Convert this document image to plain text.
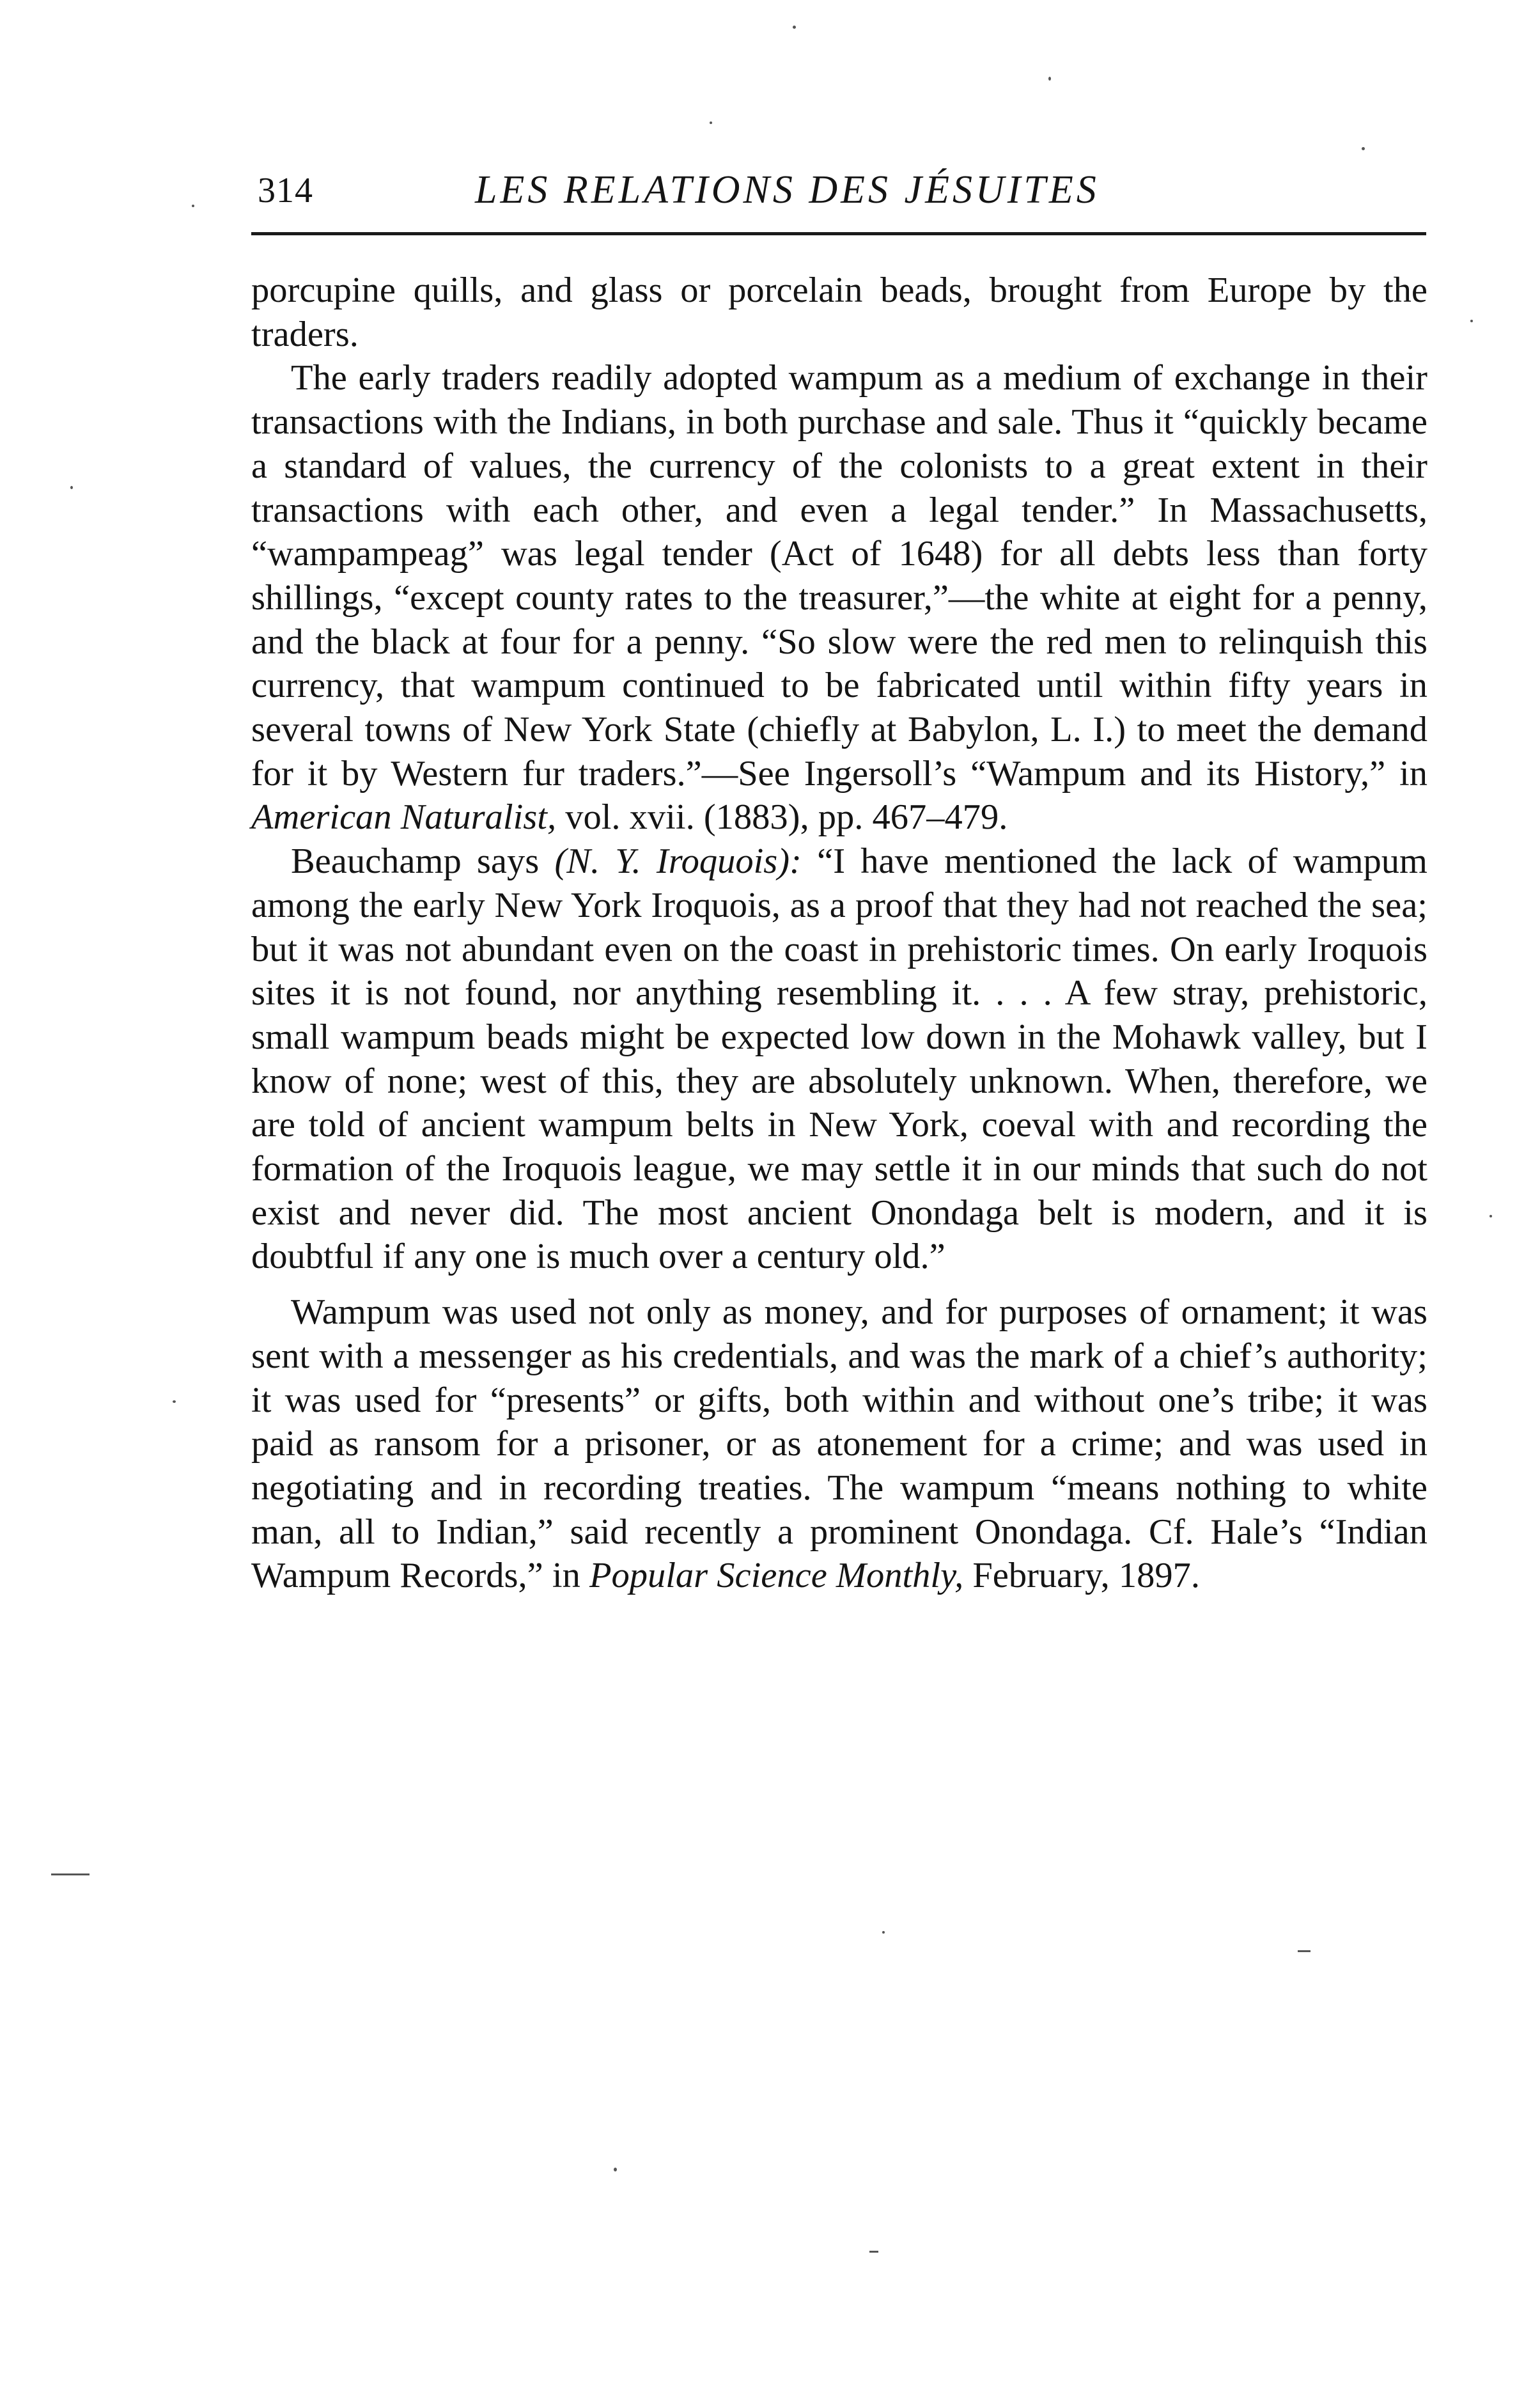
314	LES RELATIONS DES JÉSUITES

porcupine quills, and glass or porcelain beads, brought from Europe by the traders.

The early traders readily adopted wampum as a medium of exchange in their transactions with the Indians, in both purchase and sale. Thus it “quickly became a standard of values, the currency of the colonists to a great extent in their transactions with each other, and even a legal tender.” In Massachusetts, “wampampeag” was legal tender (Act of 1648) for all debts less than forty shillings, “except county rates to the treasurer,”—the white at eight for a penny, and the black at four for a penny. “So slow were the red men to relinquish this currency, that wampum continued to be fabricated until within fifty years in several towns of New York State (chiefly at Babylon, L. I.) to meet the demand for it by Western fur traders.”—See Ingersoll’s “Wampum and its History,” in American Naturalist, vol. xvii. (1883), pp. 467–479.

Beauchamp says (N. Y. Iroquois): “I have mentioned the lack of wampum among the early New York Iroquois, as a proof that they had not reached the sea; but it was not abundant even on the coast in prehistoric times. On early Iroquois sites it is not found, nor anything resembling it. . . . A few stray, prehistoric, small wampum beads might be expected low down in the Mohawk valley, but I know of none; west of this, they are absolutely unknown. When, therefore, we are told of ancient wampum belts in New York, coeval with and recording the formation of the Iroquois league, we may settle it in our minds that such do not exist and never did. The most ancient Onondaga belt is modern, and it is doubtful if any one is much over a century old.”

Wampum was used not only as money, and for purposes of ornament; it was sent with a messenger as his credentials, and was the mark of a chief’s authority; it was used for “presents” or gifts, both within and without one’s tribe; it was paid as ransom for a prisoner, or as atonement for a crime; and was used in negotiating and in recording treaties. The wampum “means nothing to white man, all to Indian,” said recently a prominent Onondaga. Cf. Hale’s “Indian Wampum Records,” in Popular Science Monthly, February, 1897.
